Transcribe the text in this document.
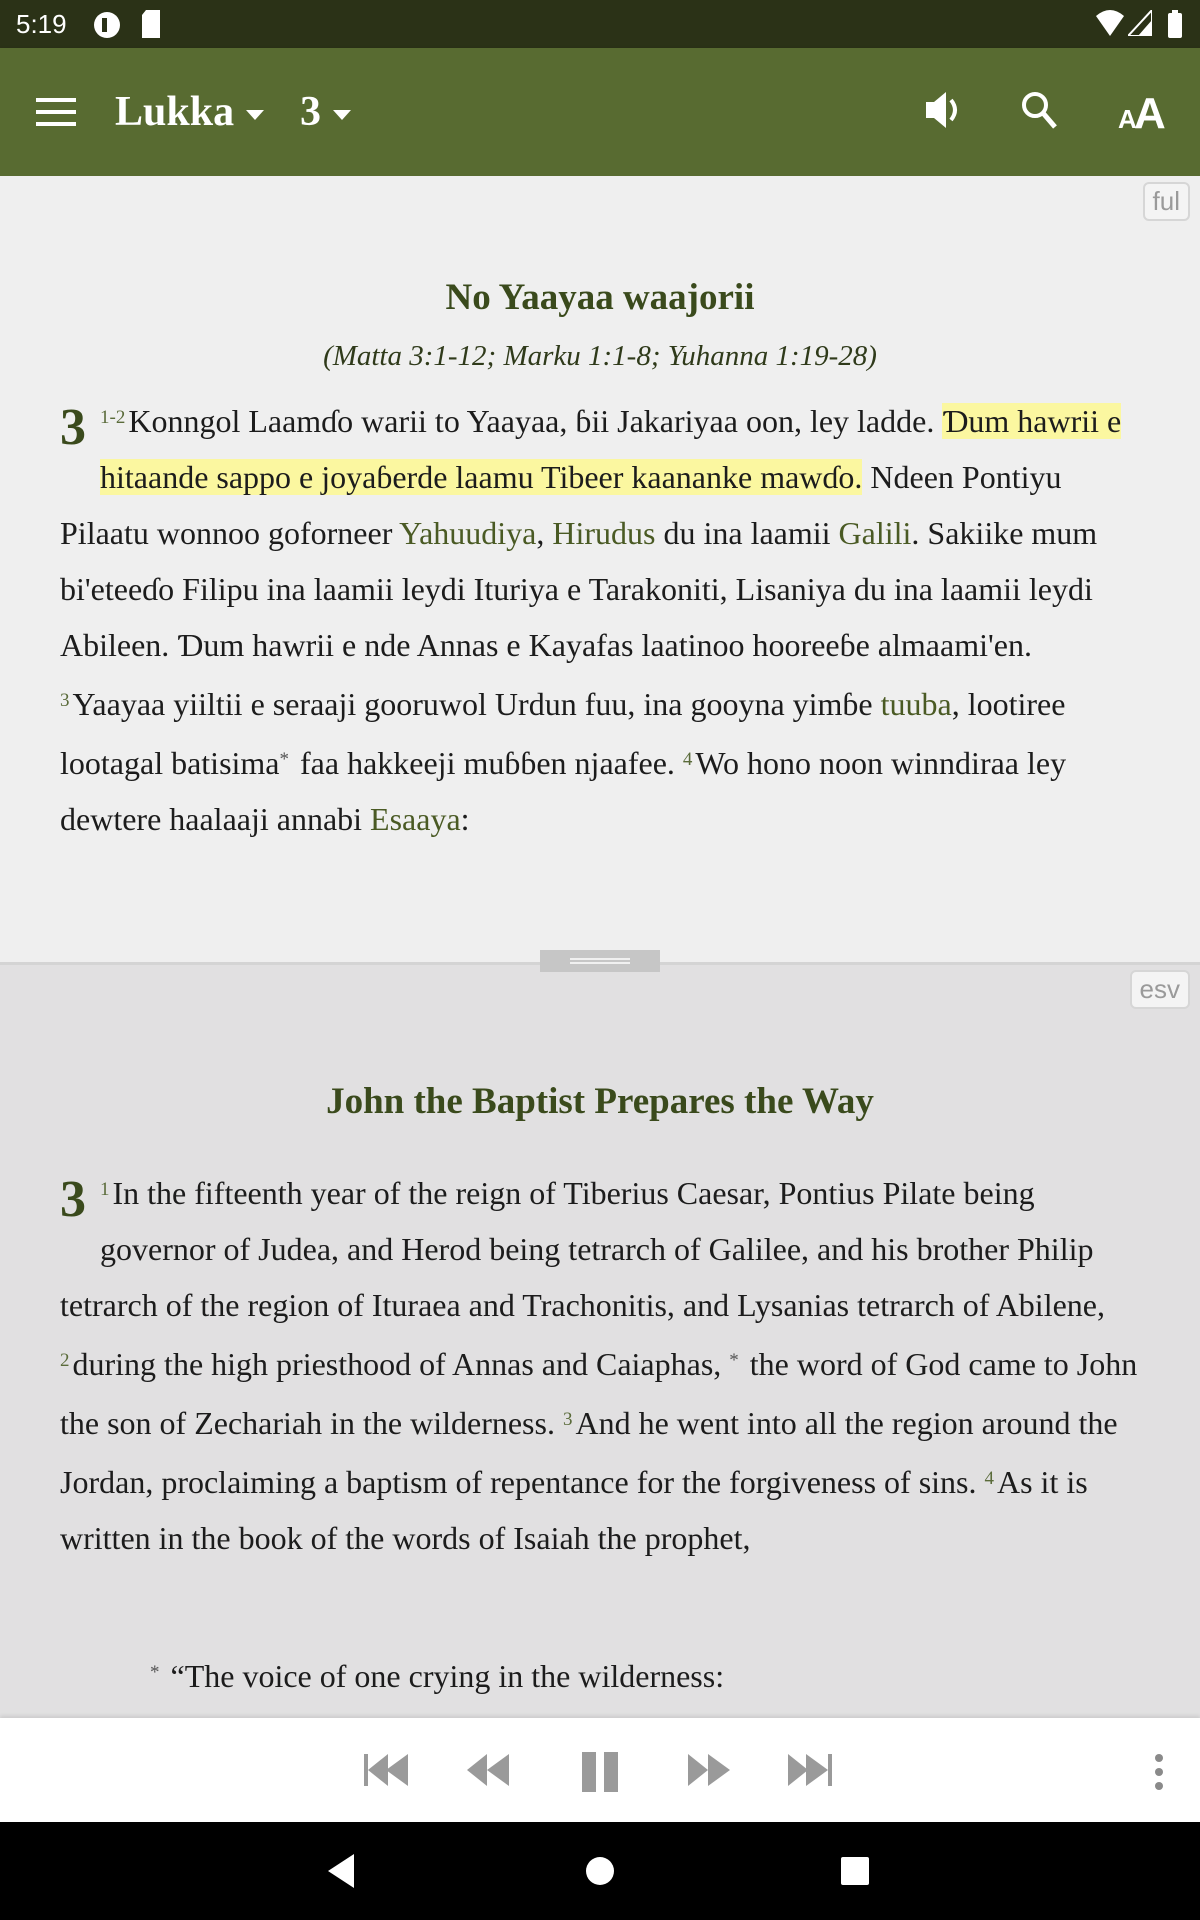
5:19
Lukka	3	A
A
ful
No Yaayaa waajorii
(Matta 3:1-12; Marku 1:1-8; Yuhanna 1:19-28)
3 $^{1-2}$Konngol Laamɗo warii to Yaayaa, ɓii Jakariyaa oon, ley ladde. Ɗum hawrii e hitaande sappo e joyaɓerde laamu Tibeer kaananke mawɗo. Ndeen Pontiyu Pilaatu wonnoo goforneer Yahuudiya, Hirudus du ina laamii Galili. Sakiike mum bi'eteeɗo Filipu ina laamii leydi Ituriya e Tarakoniti, Lisaniya du ina laamii leydi Abileen. Ɗum hawrii e nde Annas e Kayafas laatinoo hooreeɓe almaami'en. $^3$Yaayaa yiiltii e seraaji gooruwol Urdun fuu, ina gooyna yimɓe tuuba, lootiree lootagal batisima* faa hakkeeji muɓɓen njaafee. $^4$Wo hono noon winndiraa ley dewtere haalaaji annabi Esaaya:
esv
John the Baptist Prepares the Way
3 $^1$In the fifteenth year of the reign of Tiberius Caesar, Pontius Pilate being governor of Judea, and Herod being tetrarch of Galilee, and his brother Philip tetrarch of the region of Ituraea and Trachonitis, and Lysanias tetrarch of Abilene, $^2$during the high priesthood of Annas and Caiaphas, * the word of God came to John the son of Zechariah in the wilderness. $^3$And he went into all the region around the Jordan, proclaiming a baptism of repentance for the forgiveness of sins. $^4$As it is written in the book of the words of Isaiah the prophet,
* “The voice of one crying in the wilderness:
